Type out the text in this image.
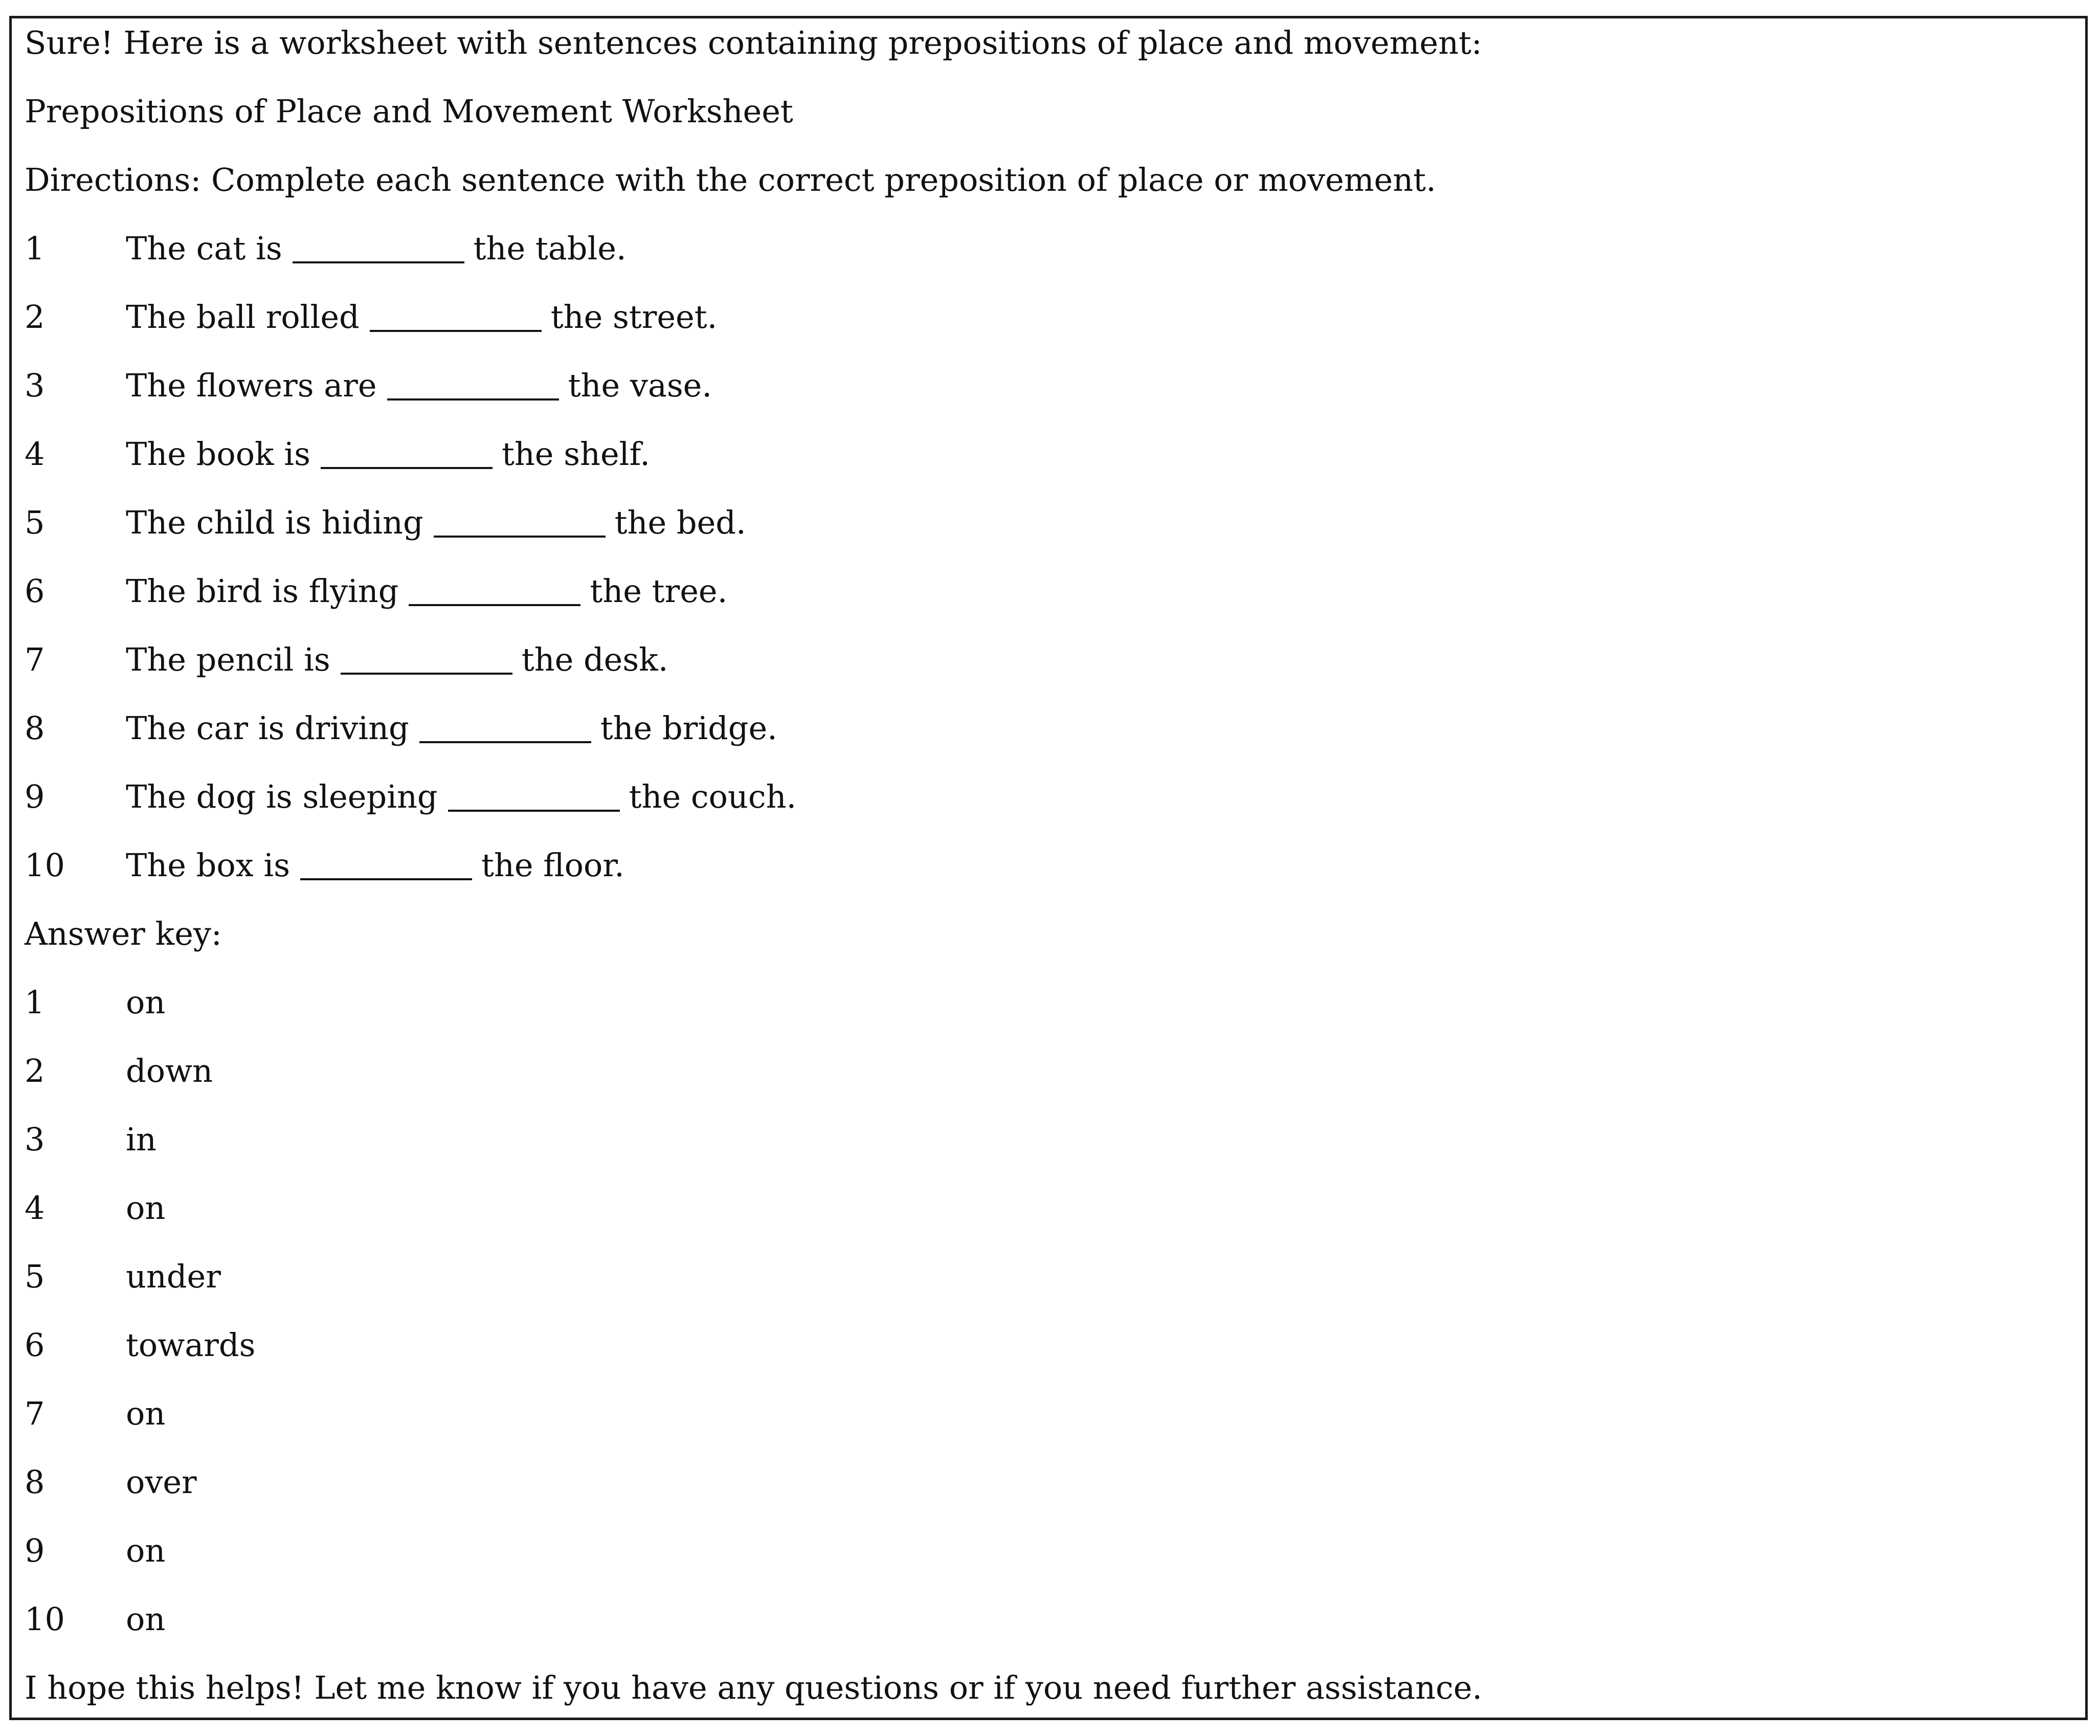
Sure! Here is a worksheet with sentences containing prepositions of place and movement:
Prepositions of Place and Movement Worksheet
Directions: Complete each sentence with the correct preposition of place or movement.
1	The cat is	the table.
2	The ball rolled	the street.
3	The flowers are	the vase.
4	The book is	the shelf.
5	The child is hiding	the bed.
6	The bird is flying	the tree.
7	The pencil is	the desk.
8	The car is driving	the bridge.
9	The dog is sleeping	the couch.
10	The box is	the floor.
Answer key:
1	on
2	down
3	in
4	on
5	under
6	towards
7	on
8	over
9	on
10	on
I hope this helps! Let me know if you have any questions or if you need further assistance.
